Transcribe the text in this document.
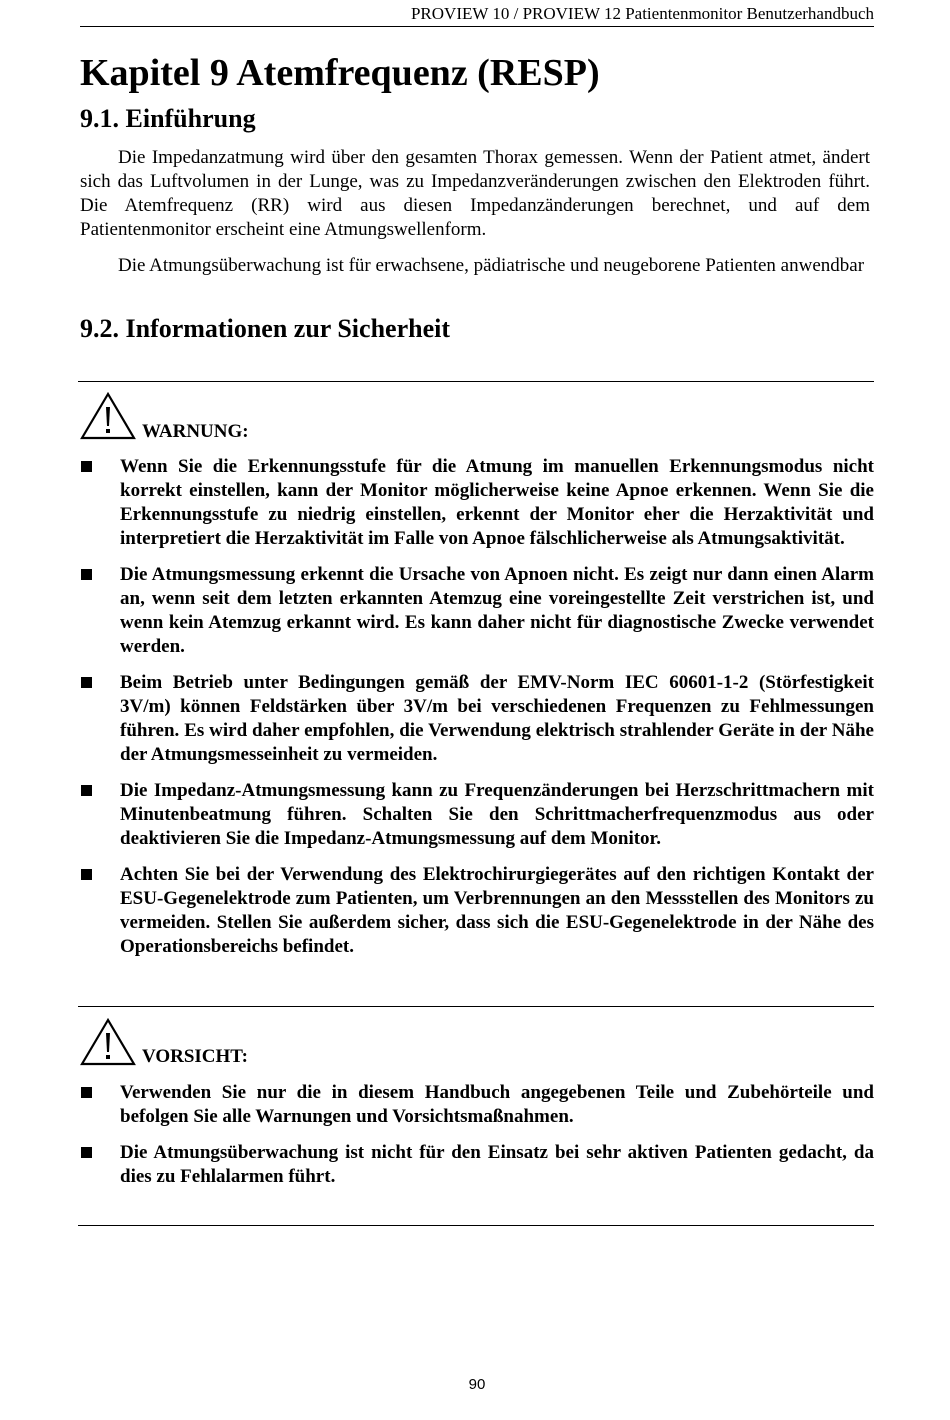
PROVIEW 10 / PROVIEW 12 Patientenmonitor Benutzerhandbuch
Kapitel 9 Atemfrequenz (RESP)
9.1. Einführung

Die Impedanzatmung wird über den gesamten Thorax gemessen. Wenn der Patient atmet, ändert sich das Luftvolumen in der Lunge, was zu Impedanzveränderungen zwischen den Elektroden führt. Die Atemfrequenz (RR) wird aus diesen Impedanzänderungen berechnet, und auf dem Patientenmonitor erscheint eine Atmungswellenform.

Die Atmungsüberwachung ist für erwachsene, pädiatrische und neugeborene Patienten anwendbar

9.2. Informationen zur Sicherheit
WARNUNG:
Wenn Sie die Erkennungsstufe für die Atmung im manuellen Erkennungsmodus nicht korrekt einstellen, kann der Monitor möglicherweise keine Apnoe erkennen. Wenn Sie die Erkennungsstufe zu niedrig einstellen, erkennt der Monitor eher die Herzaktivität und interpretiert die Herzaktivität im Falle von Apnoe fälschlicherweise als Atmungsaktivität.
Die Atmungsmessung erkennt die Ursache von Apnoen nicht. Es zeigt nur dann einen Alarm an, wenn seit dem letzten erkannten Atemzug eine voreingestellte Zeit verstrichen ist, und wenn kein Atemzug erkannt wird. Es kann daher nicht für diagnostische Zwecke verwendet werden.
Beim Betrieb unter Bedingungen gemäß der EMV-Norm IEC 60601-1-2 (Störfestigkeit 3V/m) können Feldstärken über 3V/m bei verschiedenen Frequenzen zu Fehlmessungen führen. Es wird daher empfohlen, die Verwendung elektrisch strahlender Geräte in der Nähe der Atmungsmesseinheit zu vermeiden.
Die Impedanz-Atmungsmessung kann zu Frequenzänderungen bei Herzschrittmachern mit Minutenbeatmung führen. Schalten Sie den Schrittmacherfrequenzmodus aus oder deaktivieren Sie die Impedanz-Atmungsmessung auf dem Monitor.
Achten Sie bei der Verwendung des Elektrochirurgiegerätes auf den richtigen Kontakt der ESU-Gegenelektrode zum Patienten, um Verbrennungen an den Messstellen des Monitors zu vermeiden. Stellen Sie außerdem sicher, dass sich die ESU-Gegenelektrode in der Nähe des Operationsbereichs befindet.
VORSICHT:
Verwenden Sie nur die in diesem Handbuch angegebenen Teile und Zubehörteile und befolgen Sie alle Warnungen und Vorsichtsmaßnahmen.
Die Atmungsüberwachung ist nicht für den Einsatz bei sehr aktiven Patienten gedacht, da dies zu Fehlalarmen führt.
90
